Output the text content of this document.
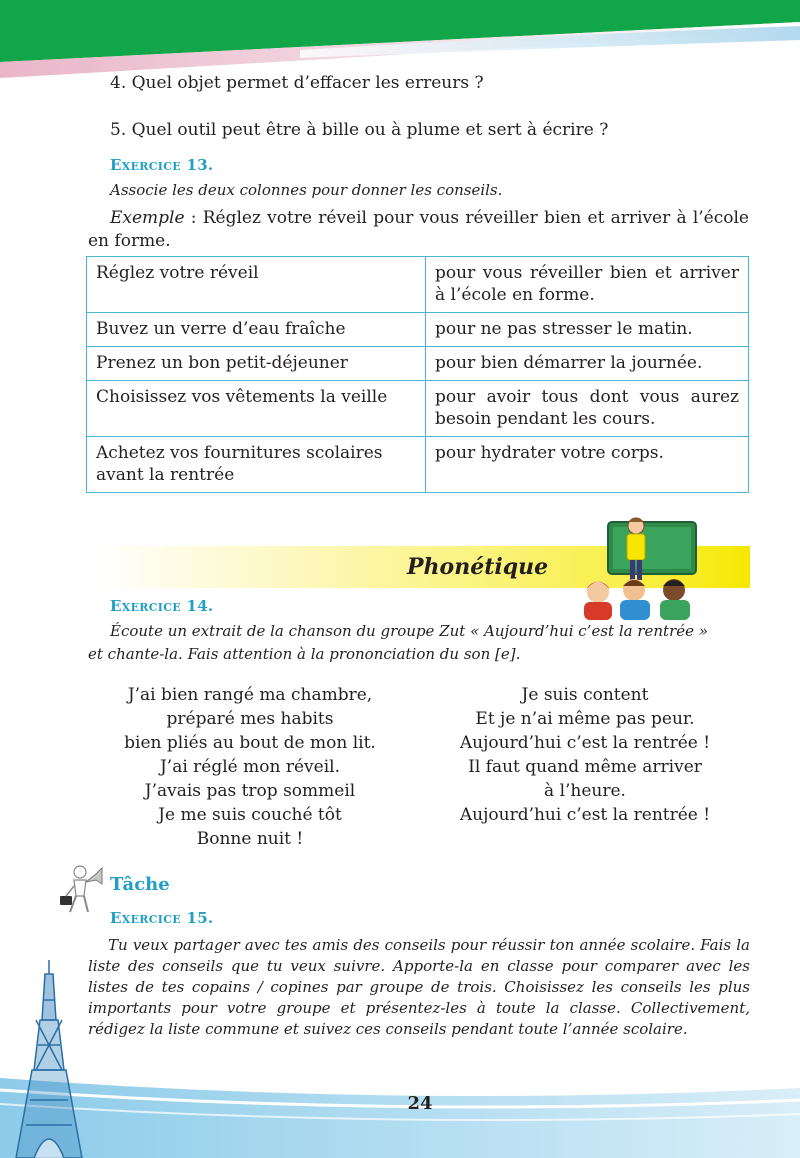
4. Quel objet permet d’effacer les erreurs ?
5. Quel outil peut être à bille ou à plume et sert à écrire ?
Exercice 13.
Associe les deux colonnes pour donner les conseils.
Exemple : Réglez votre réveil pour vous réveiller bien et arriver à l’école en forme.
Réglez votre réveil	pour vous réveiller bien et arriver à l’école en forme.
Buvez un verre d’eau fraîche	pour ne pas stresser le matin.
Prenez un bon petit-déjeuner	pour bien démarrer la journée.
Choisissez vos vêtements la veille	pour avoir tous dont vous aurez besoin pendant les cours.
Achetez vos fournitures scolaires avant la rentrée	pour hydrater votre corps.
Phonétique
Exercice 14.
Écoute un extrait de la chanson du groupe Zut « Aujourd’hui c’est la rentrée »
et chante-la. Fais attention à la prononciation du son [e].
J’ai bien rangé ma chambre,
préparé mes habits
bien pliés au bout de mon lit.
J’ai réglé mon réveil.
J’avais pas trop sommeil
Je me suis couché tôt
Bonne nuit !
Je suis content
Et je n’ai même pas peur.
Aujourd’hui c’est la rentrée !
Il faut quand même arriver
à l’heure.
Aujourd’hui c’est la rentrée !
Tâche
Exercice 15.
Tu veux partager avec tes amis des conseils pour réussir ton année scolaire. Fais la liste des conseils que tu veux suivre. Apporte-la en classe pour comparer avec les listes de tes copains / copines par groupe de trois. Choisissez les conseils les plus importants pour votre groupe et présentez-les à toute la classe. Collectivement, rédigez la liste commune et suivez ces conseils pendant toute l’année scolaire.
24
